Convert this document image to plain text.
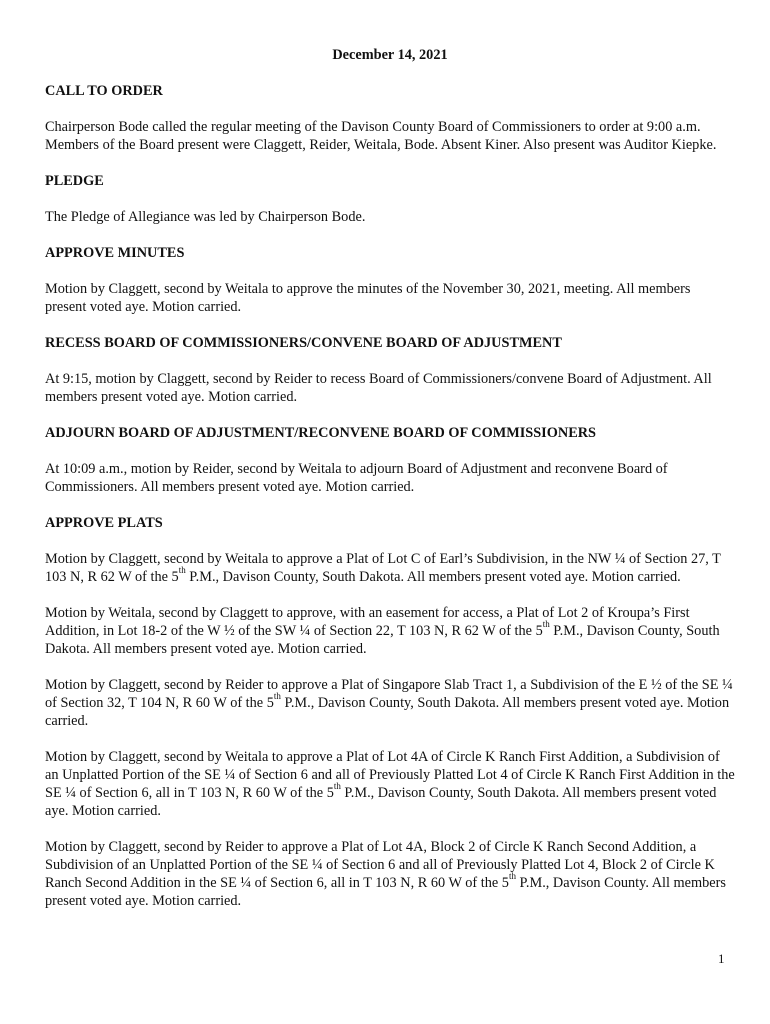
December 14, 2021

CALL TO ORDER

Chairperson Bode called the regular meeting of the Davison County Board of Commissioners to order at 9:00 a.m. Members of the Board present were Claggett, Reider, Weitala, Bode. Absent Kiner. Also present was Auditor Kiepke.

PLEDGE

The Pledge of Allegiance was led by Chairperson Bode.

APPROVE MINUTES

Motion by Claggett, second by Weitala to approve the minutes of the November 30, 2021, meeting. All members present voted aye. Motion carried.

RECESS BOARD OF COMMISSIONERS/CONVENE BOARD OF ADJUSTMENT

At 9:15, motion by Claggett, second by Reider to recess Board of Commissioners/convene Board of Adjustment. All members present voted aye. Motion carried.

ADJOURN BOARD OF ADJUSTMENT/RECONVENE BOARD OF COMMISSIONERS

At 10:09 a.m., motion by Reider, second by Weitala to adjourn Board of Adjustment and reconvene Board of Commissioners. All members present voted aye. Motion carried.

APPROVE PLATS

Motion by Claggett, second by Weitala to approve a Plat of Lot C of Earl’s Subdivision, in the NW ¼ of Section 27, T 103 N, R 62 W of the 5th P.M., Davison County, South Dakota. All members present voted aye. Motion carried.

Motion by Weitala, second by Claggett to approve, with an easement for access, a Plat of Lot 2 of Kroupa’s First Addition, in Lot 18-2 of the W ½ of the SW ¼ of Section 22, T 103 N, R 62 W of the 5th P.M., Davison County, South Dakota. All members present voted aye. Motion carried.

Motion by Claggett, second by Reider to approve a Plat of Singapore Slab Tract 1, a Subdivision of the E ½ of the SE ¼ of Section 32, T 104 N, R 60 W of the 5th P.M., Davison County, South Dakota. All members present voted aye. Motion carried.

Motion by Claggett, second by Weitala to approve a Plat of Lot 4A of Circle K Ranch First Addition, a Subdivision of an Unplatted Portion of the SE ¼ of Section 6 and all of Previously Platted Lot 4 of Circle K Ranch First Addition in the SE ¼ of Section 6, all in T 103 N, R 60 W of the 5th P.M., Davison County, South Dakota. All members present voted aye. Motion carried.

Motion by Claggett, second by Reider to approve a Plat of Lot 4A, Block 2 of Circle K Ranch Second Addition, a Subdivision of an Unplatted Portion of the SE ¼ of Section 6 and all of Previously Platted Lot 4, Block 2 of Circle K Ranch Second Addition in the SE ¼ of Section 6, all in T 103 N, R 60 W of the 5th P.M., Davison County. All members present voted aye. Motion carried.

1
